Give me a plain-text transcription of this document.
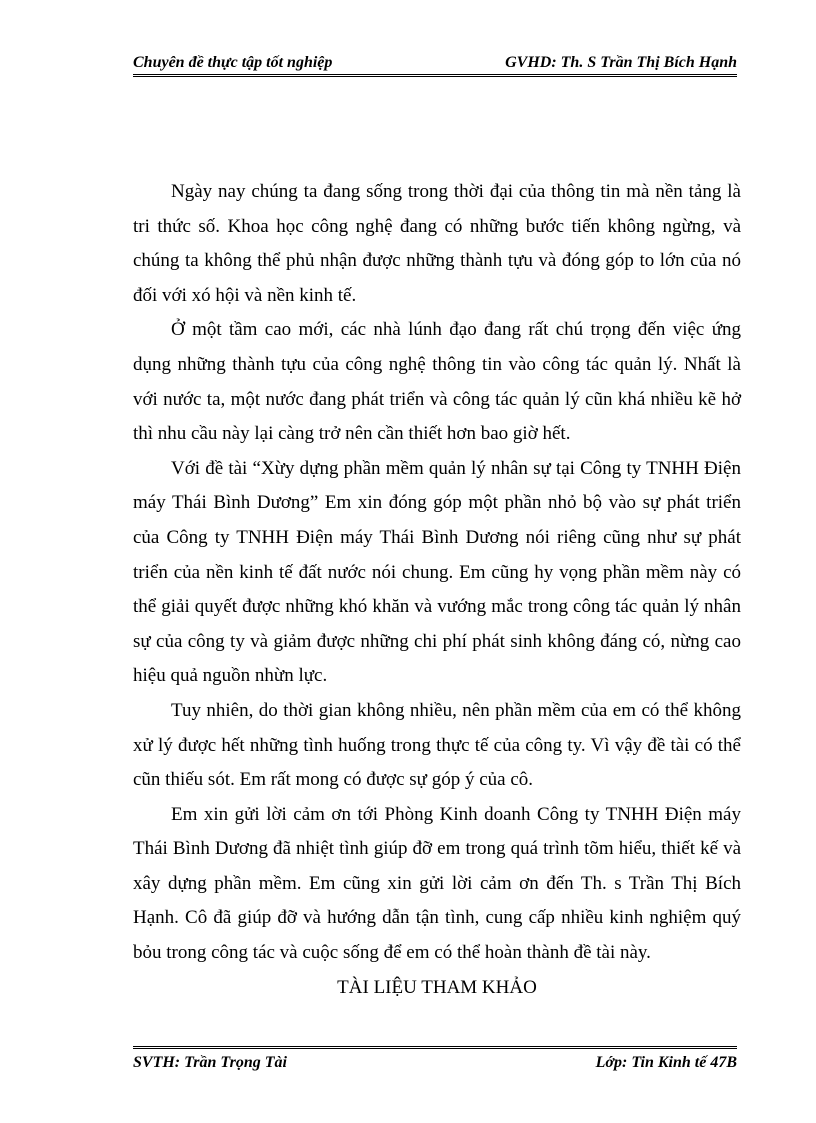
Chuyên đề thực tập tốt nghiệp	GVHD: Th. S Trần Thị Bích Hạnh

Ngày nay chúng ta đang sống trong thời đại của thông tin mà nền tảng là tri thức số. Khoa học công nghệ đang có những bước tiến không ngừng, và chúng ta không thể phủ nhận được những thành tựu và đóng góp to lớn của nó đối với xó hội và nền kinh tế.

Ở một tầm cao mới, các nhà lúnh đạo đang rất chú trọng đến việc ứng dụng những thành tựu của công nghệ thông tin vào công tác quản lý. Nhất là với nước ta, một nước đang phát triển và công tác quản lý cũn khá nhiều kẽ hở thì nhu cầu này lại càng trở nên cần thiết hơn bao giờ hết.

Với đề tài “Xừy dựng phần mềm quản lý nhân sự tại Công ty TNHH Điện máy Thái Bình Dương” Em xin đóng góp một phần nhỏ bộ vào sự phát triển của Công ty TNHH Điện máy Thái Bình Dương nói riêng cũng như sự phát triển của nền kinh tế đất nước nói chung. Em cũng hy vọng phần mềm này có thể giải quyết được những khó khăn và vướng mắc trong công tác quản lý nhân sự của công ty và giảm được những chi phí phát sinh không đáng có, nừng cao hiệu quả nguồn nhừn lực.

Tuy nhiên, do thời gian không nhiều, nên phần mềm của em có thể không xử lý được hết những tình huống trong thực tế của công ty. Vì vậy đề tài có thể cũn thiếu sót. Em rất mong có được sự góp ý của cô.

Em xin gửi lời cảm ơn tới Phòng Kinh doanh Công ty TNHH Điện máy Thái Bình Dương đã nhiệt tình giúp đỡ em trong quá trình tõm hiểu, thiết kế và xây dựng phần mềm. Em cũng xin gửi lời cảm ơn đến Th. s Trần Thị Bích Hạnh. Cô đã giúp đỡ và hướng dẫn tận tình, cung cấp nhiều kinh nghiệm quý bỏu trong công tác và cuộc sống để em có thể hoàn thành đề tài này.

TÀI LIỆU THAM KHẢO

SVTH: Trần Trọng Tài	Lớp: Tin Kinh tế 47B
